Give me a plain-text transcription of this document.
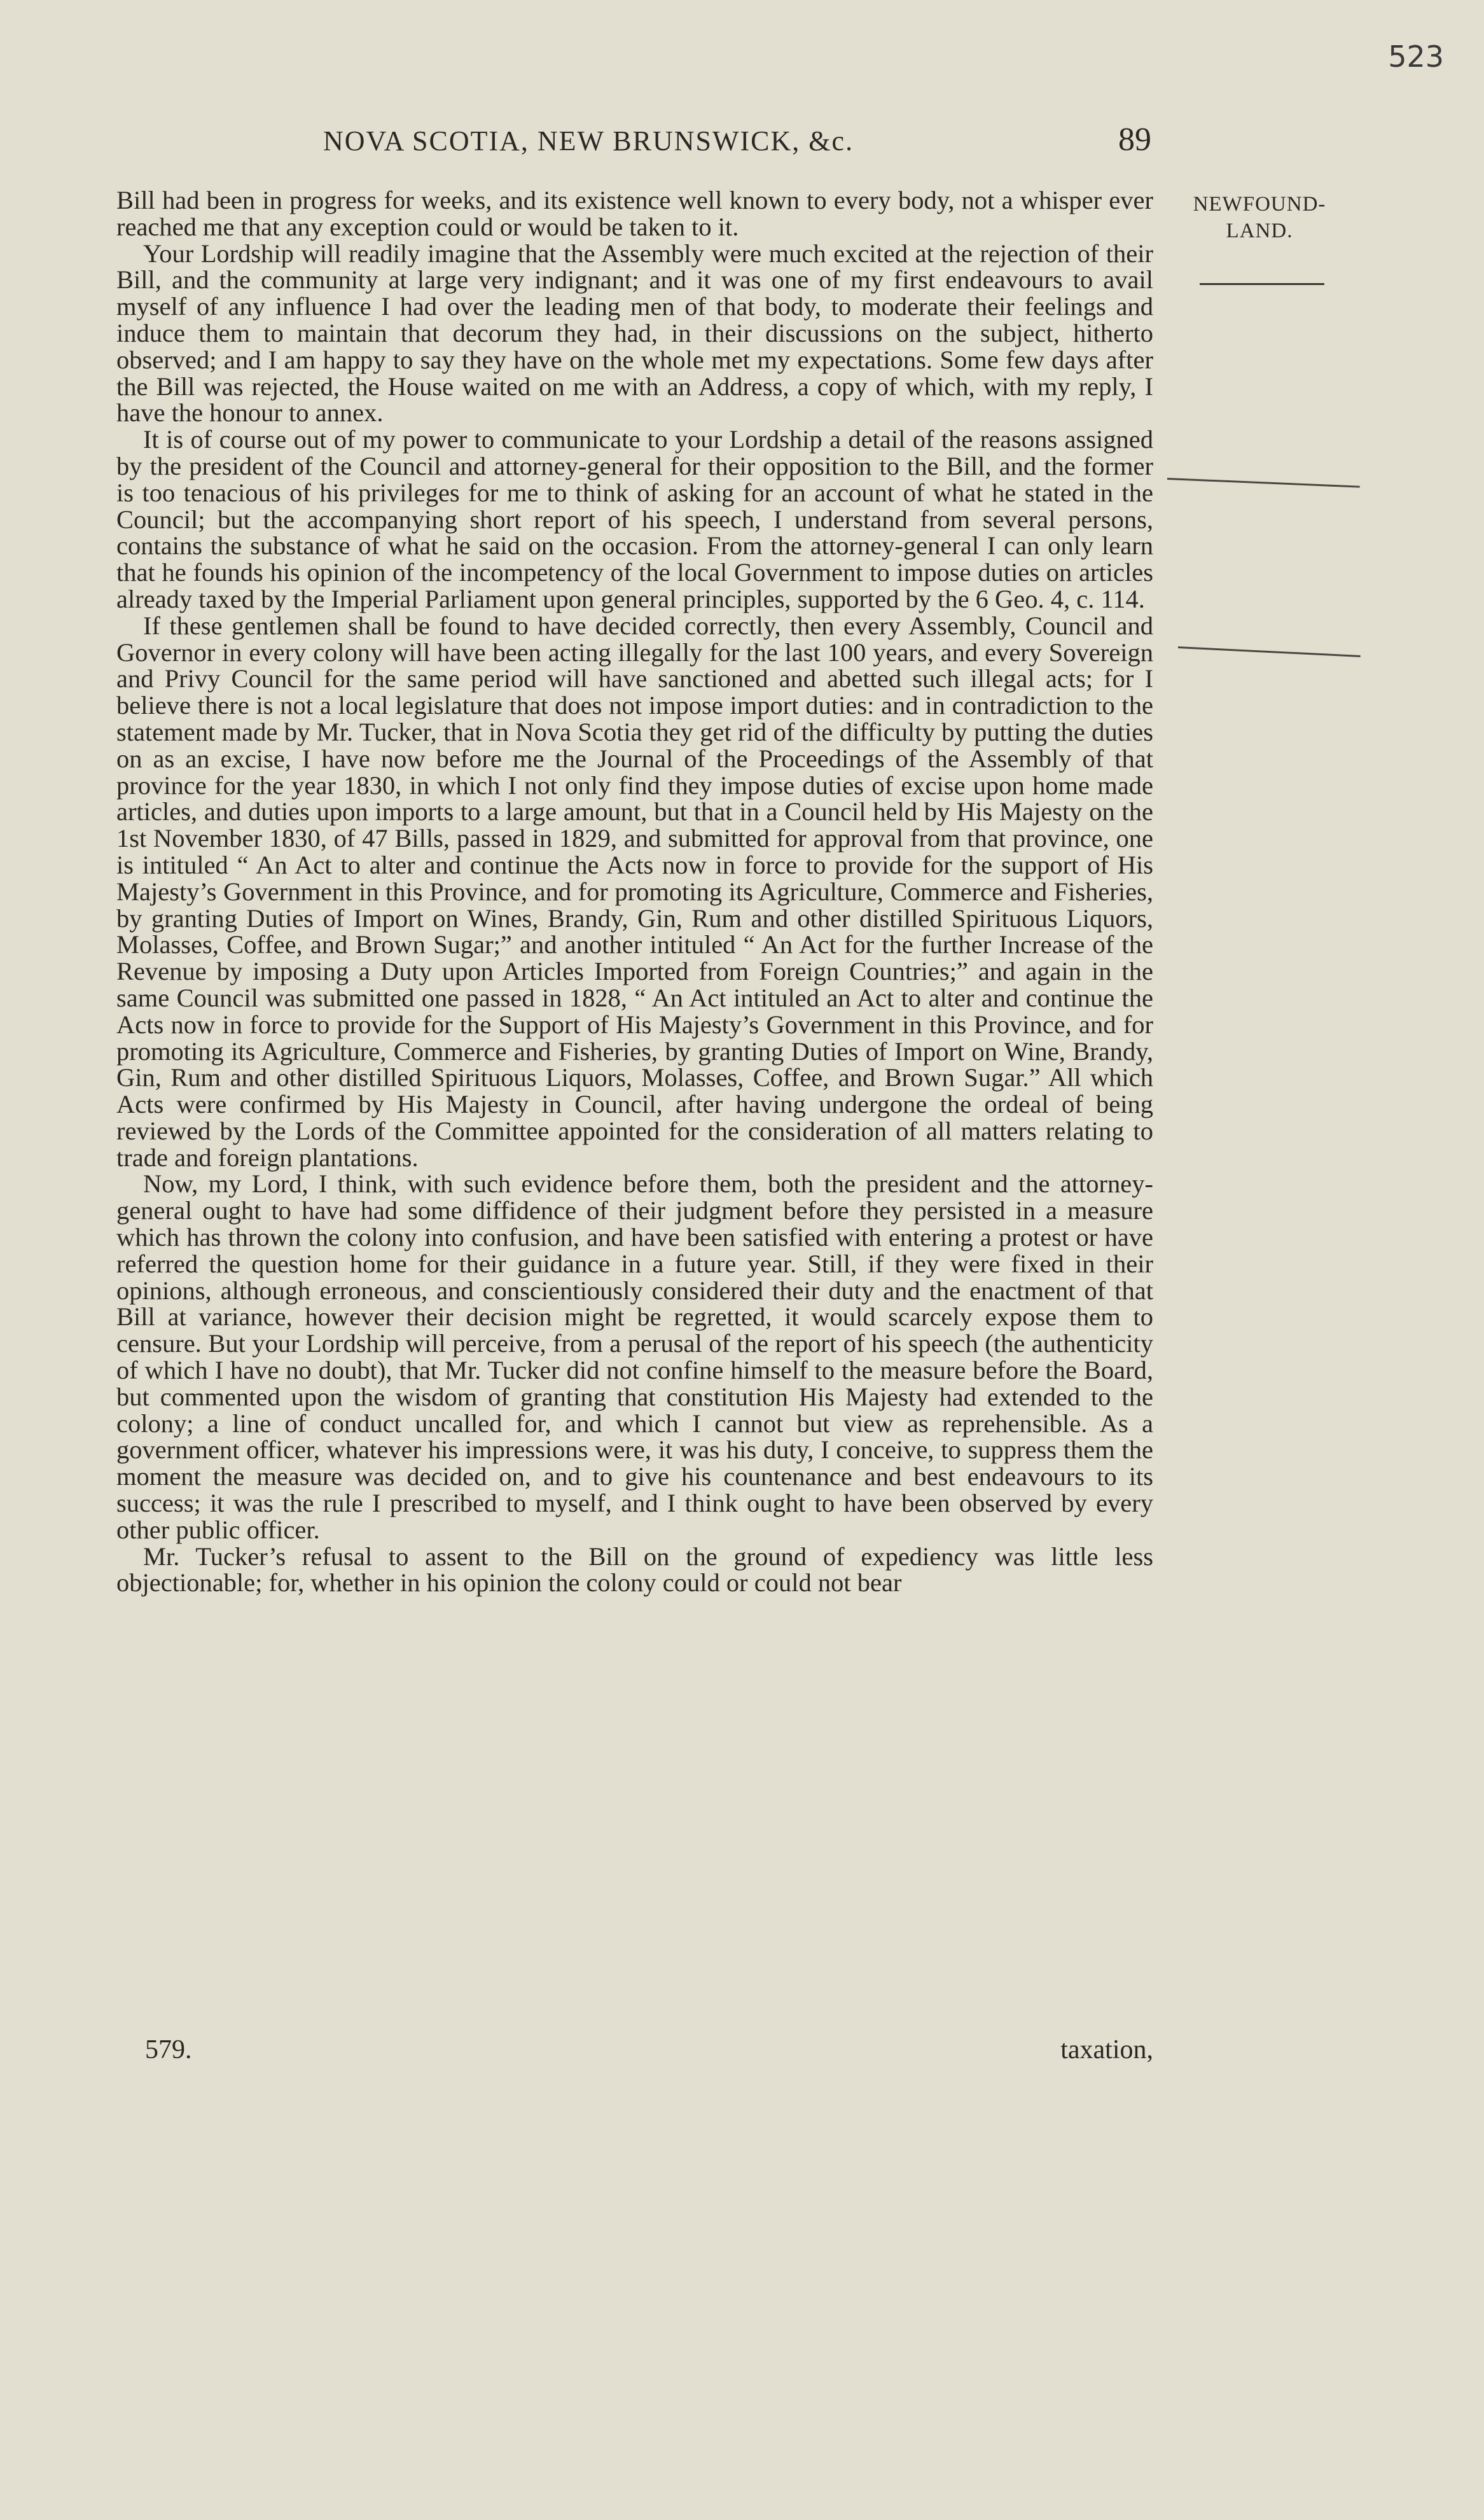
523
NOVA SCOTIA, NEW BRUNSWICK, &c.	89
NEWFOUND-
LAND.

Bill had been in progress for weeks, and its existence well known to every body, not a whisper ever reached me that any exception could or would be taken to it.

Your Lordship will readily imagine that the Assembly were much excited at the rejection of their Bill, and the community at large very indignant; and it was one of my first endeavours to avail myself of any influence I had over the leading men of that body, to moderate their feelings and induce them to maintain that decorum they had, in their discussions on the subject, hitherto observed; and I am happy to say they have on the whole met my expectations. Some few days after the Bill was rejected, the House waited on me with an Address, a copy of which, with my reply, I have the honour to annex.

It is of course out of my power to communicate to your Lordship a detail of the reasons assigned by the president of the Council and attorney-general for their opposition to the Bill, and the former is too tenacious of his privileges for me to think of asking for an account of what he stated in the Council; but the accompanying short report of his speech, I understand from several persons, contains the substance of what he said on the occasion. From the attorney-general I can only learn that he founds his opinion of the incompetency of the local Government to impose duties on articles already taxed by the Imperial Parliament upon general principles, supported by the 6 Geo. 4, c. 114.

If these gentlemen shall be found to have decided correctly, then every Assembly, Council and Governor in every colony will have been acting illegally for the last 100 years, and every Sovereign and Privy Council for the same period will have sanctioned and abetted such illegal acts; for I believe there is not a local legislature that does not impose import duties: and in contradiction to the statement made by Mr. Tucker, that in Nova Scotia they get rid of the difficulty by putting the duties on as an excise, I have now before me the Journal of the Proceedings of the Assembly of that province for the year 1830, in which I not only find they impose duties of excise upon home made articles, and duties upon imports to a large amount, but that in a Council held by His Majesty on the 1st November 1830, of 47 Bills, passed in 1829, and submitted for approval from that province, one is intituled “ An Act to alter and continue the Acts now in force to provide for the support of His Majesty’s Government in this Province, and for promoting its Agriculture, Commerce and Fisheries, by granting Duties of Import on Wines, Brandy, Gin, Rum and other distilled Spirituous Liquors, Molasses, Coffee, and Brown Sugar;” and another intituled “ An Act for the further Increase of the Revenue by imposing a Duty upon Articles Imported from Foreign Countries;” and again in the same Council was submitted one passed in 1828, “ An Act intituled an Act to alter and continue the Acts now in force to provide for the Support of His Majesty’s Government in this Province, and for promoting its Agriculture, Commerce and Fisheries, by granting Duties of Import on Wine, Brandy, Gin, Rum and other distilled Spirituous Liquors, Molasses, Coffee, and Brown Sugar.” All which Acts were confirmed by His Majesty in Council, after having undergone the ordeal of being reviewed by the Lords of the Committee appointed for the consideration of all matters relating to trade and foreign plantations.

Now, my Lord, I think, with such evidence before them, both the president and the attorney-general ought to have had some diffidence of their judgment before they persisted in a measure which has thrown the colony into confusion, and have been satisfied with entering a protest or have referred the question home for their guidance in a future year. Still, if they were fixed in their opinions, although erroneous, and conscientiously considered their duty and the enactment of that Bill at variance, however their decision might be regretted, it would scarcely expose them to censure. But your Lordship will perceive, from a perusal of the report of his speech (the authenticity of which I have no doubt), that Mr. Tucker did not confine himself to the measure before the Board, but commented upon the wisdom of granting that constitution His Majesty had extended to the colony; a line of conduct uncalled for, and which I cannot but view as reprehensible. As a government officer, whatever his impressions were, it was his duty, I conceive, to suppress them the moment the measure was decided on, and to give his countenance and best endeavours to its success; it was the rule I prescribed to myself, and I think ought to have been observed by every other public officer.

Mr. Tucker’s refusal to assent to the Bill on the ground of expediency was little less objectionable; for, whether in his opinion the colony could or could not bear

579.	taxation,
